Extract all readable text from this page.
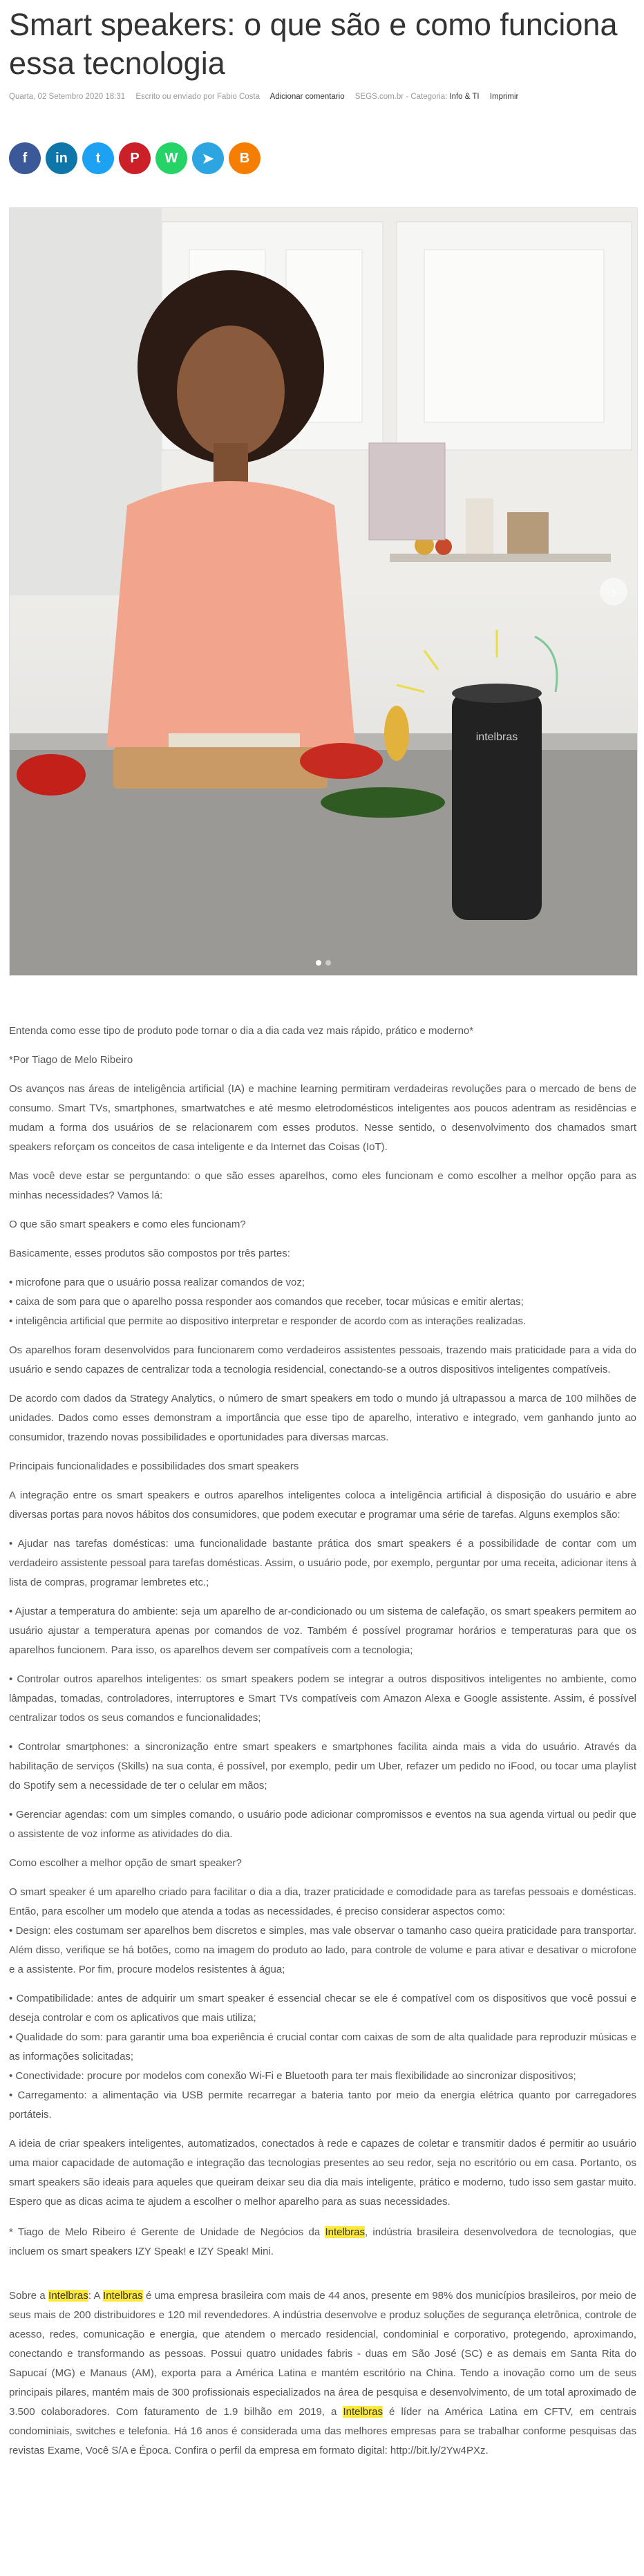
Smart speakers: o que são e como funciona essa tecnologia
Quarta, 02 Setembro 2020 18:31 Escrito ou enviado por Fabio Costa Adicionar comentario SEGS.com.br - Categoria: Info & TI Imprimir
f in t P W ➤ B
intelbras
›

Entenda como esse tipo de produto pode tornar o dia a dia cada vez mais rápido, prático e moderno*

*Por Tiago de Melo Ribeiro

Os avanços nas áreas de inteligência artificial (IA) e machine learning permitiram verdadeiras revoluções para o mercado de bens de consumo. Smart TVs, smartphones, smartwatches e até mesmo eletrodomésticos inteligentes aos poucos adentram as residências e mudam a forma dos usuários de se relacionarem com esses produtos. Nesse sentido, o desenvolvimento dos chamados smart speakers reforçam os conceitos de casa inteligente e da Internet das Coisas (IoT).

Mas você deve estar se perguntando: o que são esses aparelhos, como eles funcionam e como escolher a melhor opção para as minhas necessidades? Vamos lá:

O que são smart speakers e como eles funcionam?

Basicamente, esses produtos são compostos por três partes:

• microfone para que o usuário possa realizar comandos de voz;
• caixa de som para que o aparelho possa responder aos comandos que receber, tocar músicas e emitir alertas;
• inteligência artificial que permite ao dispositivo interpretar e responder de acordo com as interações realizadas.

Os aparelhos foram desenvolvidos para funcionarem como verdadeiros assistentes pessoais, trazendo mais praticidade para a vida do usuário e sendo capazes de centralizar toda a tecnologia residencial, conectando-se a outros dispositivos inteligentes compatíveis.

De acordo com dados da Strategy Analytics, o número de smart speakers em todo o mundo já ultrapassou a marca de 100 milhões de unidades. Dados como esses demonstram a importância que esse tipo de aparelho, interativo e integrado, vem ganhando junto ao consumidor, trazendo novas possibilidades e oportunidades para diversas marcas.

Principais funcionalidades e possibilidades dos smart speakers

A integração entre os smart speakers e outros aparelhos inteligentes coloca a inteligência artificial à disposição do usuário e abre diversas portas para novos hábitos dos consumidores, que podem executar e programar uma série de tarefas. Alguns exemplos são:

• Ajudar nas tarefas domésticas: uma funcionalidade bastante prática dos smart speakers é a possibilidade de contar com um verdadeiro assistente pessoal para tarefas domésticas. Assim, o usuário pode, por exemplo, perguntar por uma receita, adicionar itens à lista de compras, programar lembretes etc.;

• Ajustar a temperatura do ambiente: seja um aparelho de ar-condicionado ou um sistema de calefação, os smart speakers permitem ao usuário ajustar a temperatura apenas por comandos de voz. Também é possível programar horários e temperaturas para que os aparelhos funcionem. Para isso, os aparelhos devem ser compatíveis com a tecnologia;

• Controlar outros aparelhos inteligentes: os smart speakers podem se integrar a outros dispositivos inteligentes no ambiente, como lâmpadas, tomadas, controladores, interruptores e Smart TVs compatíveis com Amazon Alexa e Google assistente. Assim, é possível centralizar todos os seus comandos e funcionalidades;

• Controlar smartphones: a sincronização entre smart speakers e smartphones facilita ainda mais a vida do usuário. Através da habilitação de serviços (Skills) na sua conta, é possível, por exemplo, pedir um Uber, refazer um pedido no iFood, ou tocar uma playlist do Spotify sem a necessidade de ter o celular em mãos;

• Gerenciar agendas: com um simples comando, o usuário pode adicionar compromissos e eventos na sua agenda virtual ou pedir que o assistente de voz informe as atividades do dia.

Como escolher a melhor opção de smart speaker?

O smart speaker é um aparelho criado para facilitar o dia a dia, trazer praticidade e comodidade para as tarefas pessoais e domésticas. Então, para escolher um modelo que atenda a todas as necessidades, é preciso considerar aspectos como:
• Design: eles costumam ser aparelhos bem discretos e simples, mas vale observar o tamanho caso queira praticidade para transportar. Além disso, verifique se há botões, como na imagem do produto ao lado, para controle de volume e para ativar e desativar o microfone e a assistente. Por fim, procure modelos resistentes à água;

• Compatibilidade: antes de adquirir um smart speaker é essencial checar se ele é compatível com os dispositivos que você possui e deseja controlar e com os aplicativos que mais utiliza;
• Qualidade do som: para garantir uma boa experiência é crucial contar com caixas de som de alta qualidade para reproduzir músicas e as informações solicitadas;
• Conectividade: procure por modelos com conexão Wi-Fi e Bluetooth para ter mais flexibilidade ao sincronizar dispositivos;
• Carregamento: a alimentação via USB permite recarregar a bateria tanto por meio da energia elétrica quanto por carregadores portáteis.

A ideia de criar speakers inteligentes, automatizados, conectados à rede e capazes de coletar e transmitir dados é permitir ao usuário uma maior capacidade de automação e integração das tecnologias presentes ao seu redor, seja no escritório ou em casa. Portanto, os smart speakers são ideais para aqueles que queiram deixar seu dia dia mais inteligente, prático e moderno, tudo isso sem gastar muito. Espero que as dicas acima te ajudem a escolher o melhor aparelho para as suas necessidades.

* Tiago de Melo Ribeiro é Gerente de Unidade de Negócios da Intelbras, indústria brasileira desenvolvedora de tecnologias, que incluem os smart speakers IZY Speak! e IZY Speak! Mini.

Sobre a Intelbras: A Intelbras é uma empresa brasileira com mais de 44 anos, presente em 98% dos municípios brasileiros, por meio de seus mais de 200 distribuidores e 120 mil revendedores. A indústria desenvolve e produz soluções de segurança eletrônica, controle de acesso, redes, comunicação e energia, que atendem o mercado residencial, condominial e corporativo, protegendo, aproximando, conectando e transformando as pessoas. Possui quatro unidades fabris - duas em São José (SC) e as demais em Santa Rita do Sapucaí (MG) e Manaus (AM), exporta para a América Latina e mantém escritório na China. Tendo a inovação como um de seus principais pilares, mantém mais de 300 profissionais especializados na área de pesquisa e desenvolvimento, de um total aproximado de 3.500 colaboradores. Com faturamento de 1.9 bilhão em 2019, a Intelbras é líder na América Latina em CFTV, em centrais condominiais, switches e telefonia. Há 16 anos é considerada uma das melhores empresas para se trabalhar conforme pesquisas das revistas Exame, Você S/A e Época. Confira o perfil da empresa em formato digital: http://bit.ly/2Yw4PXz.
